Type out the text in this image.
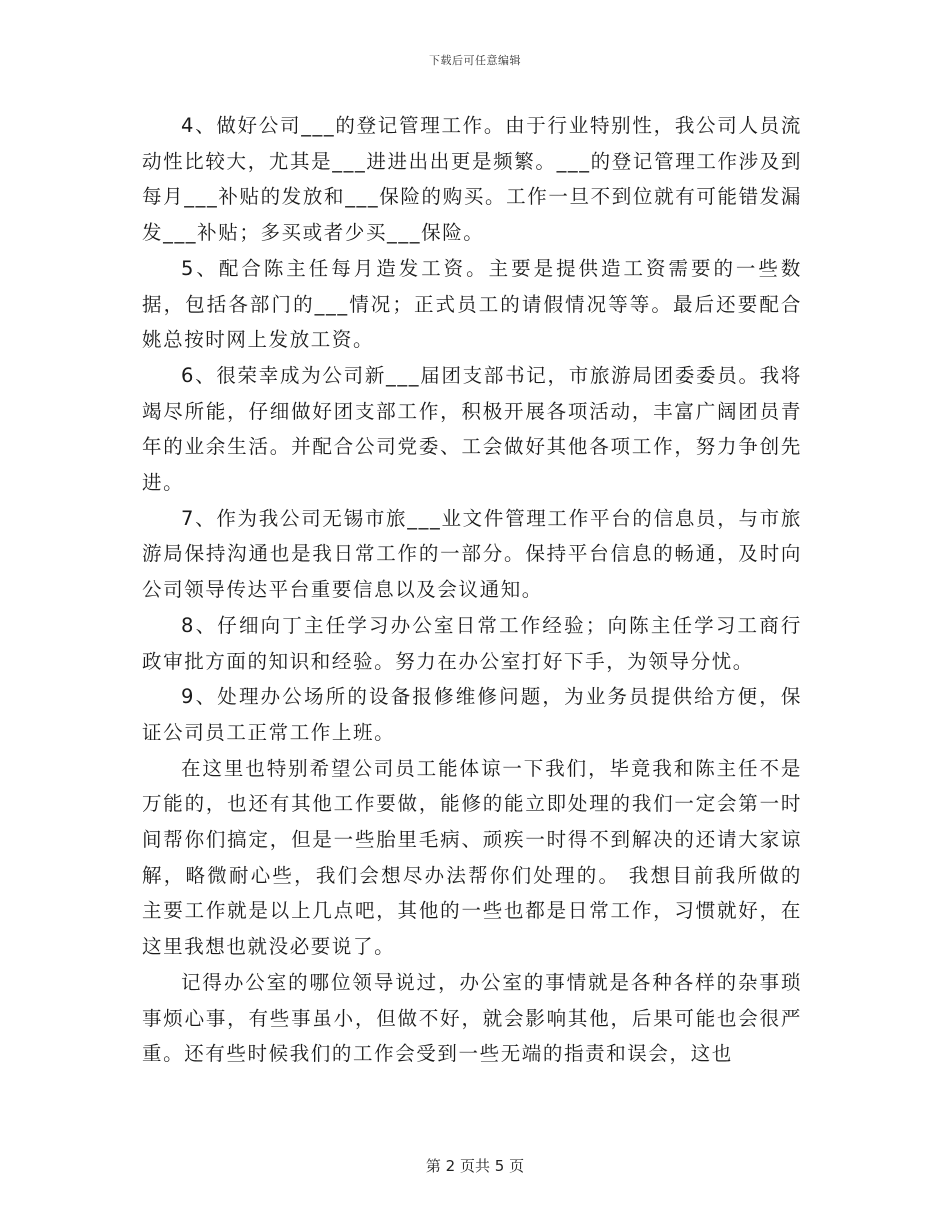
下载后可任意编辑

4、做好公司___的登记管理工作。由于行业特别性，我公司人员流动性比较大，尤其是___进进出出更是频繁。___的登记管理工作涉及到每月___补贴的发放和___保险的购买。工作一旦不到位就有可能错发漏发___补贴；多买或者少买___保险。

5、配合陈主任每月造发工资。主要是提供造工资需要的一些数据，包括各部门的___情况；正式员工的请假情况等等。最后还要配合姚总按时网上发放工资。

6、很荣幸成为公司新___届团支部书记，市旅游局团委委员。我将竭尽所能，仔细做好团支部工作，积极开展各项活动，丰富广阔团员青年的业余生活。并配合公司党委、工会做好其他各项工作，努力争创先进。

7、作为我公司无锡市旅___业文件管理工作平台的信息员，与市旅游局保持沟通也是我日常工作的一部分。保持平台信息的畅通，及时向公司领导传达平台重要信息以及会议通知。

8、仔细向丁主任学习办公室日常工作经验；向陈主任学习工商行政审批方面的知识和经验。努力在办公室打好下手，为领导分忧。

9、处理办公场所的设备报修维修问题，为业务员提供给方便，保证公司员工正常工作上班。

在这里也特别希望公司员工能体谅一下我们，毕竟我和陈主任不是万能的，也还有其他工作要做，能修的能立即处理的我们一定会第一时间帮你们搞定，但是一些胎里毛病、顽疾一时得不到解决的还请大家谅解，略微耐心些，我们会想尽办法帮你们处理的。 我想目前我所做的主要工作就是以上几点吧，其他的一些也都是日常工作，习惯就好，在这里我想也就没必要说了。

记得办公室的哪位领导说过，办公室的事情就是各种各样的杂事琐事烦心事，有些事虽小，但做不好，就会影响其他，后果可能也会很严重。还有些时候我们的工作会受到一些无端的指责和误会，这也

第 2 页共 5 页
